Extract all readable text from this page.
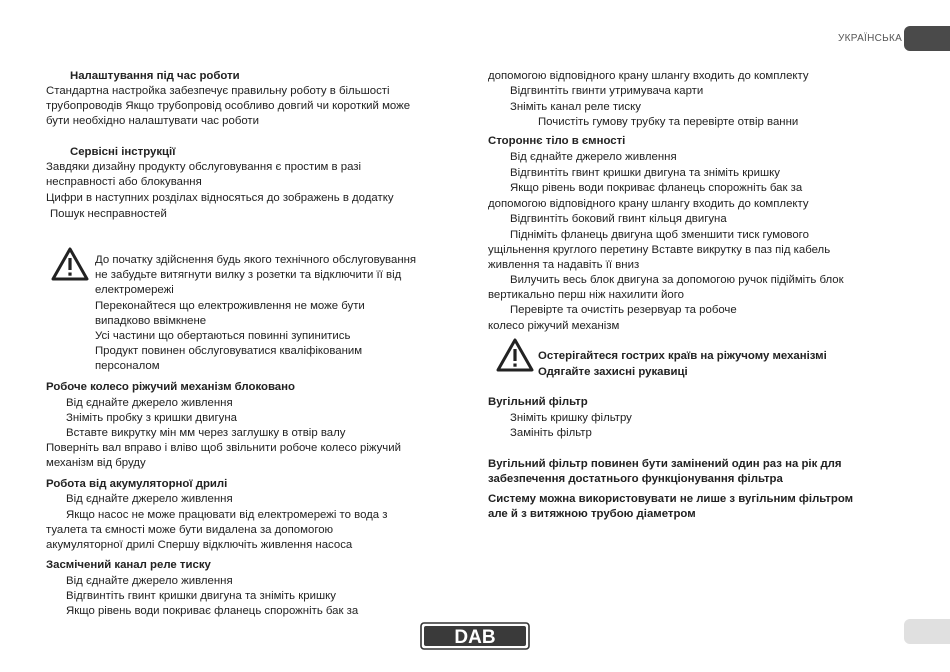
УКРАЇНСЬКА
Налаштування під час роботи
Стандартна настройка забезпечує правильну роботу в більшості
трубопроводів Якщо трубопровід особливо довгий чи короткий може
бути необхідно налаштувати час роботи
Сервісні інструкції
Завдяки дизайну продукту обслуговування є простим в разі
несправності або блокування
Цифри в наступних розділах відносяться до зображень в додатку
Пошук несправностей
До початку здійснення будь якого технічного обслуговування
не забудьте витягнути вилку з розетки та відключити її від
електромережі
Переконайтеся що електроживлення не може бути
випадково ввімкнене
Усі частини що обертаються повинні зупинитись
Продукт повинен обслуговуватися кваліфікованим
персоналом
Робоче колесо ріжучий механізм блоковано
Від єднайте джерело живлення
Зніміть пробку з кришки двигуна
Вставте викрутку мін мм через заглушку в отвір валу
Поверніть вал вправо і вліво щоб звільнити робоче колесо ріжучий
механізм від бруду
Робота від акумуляторної дрилі
Від єднайте джерело живлення
Якщо насос не може працювати від електромережі то вода з
туалета та ємності може бути видалена за допомогою
акумуляторної дрилі Спершу відключіть живлення насоса
Засмічений канал реле тиску
Від єднайте джерело живлення
Відгвинтіть гвинт кришки двигуна та зніміть кришку
Якщо рівень води покриває фланець спорожніть бак за
допомогою відповідного крану шлангу входить до комплекту
Відгвинтіть гвинти утримувача карти
Зніміть канал реле тиску
Почистіть гумову трубку та перевірте отвір ванни
Стороннє тіло в ємності
Від єднайте джерело живлення
Відгвинтіть гвинт кришки двигуна та зніміть кришку
Якщо рівень води покриває фланець спорожніть бак за
допомогою відповідного крану шлангу входить до комплекту
Відгвинтіть боковий гвинт кільця двигуна
Підніміть фланець двигуна щоб зменшити тиск гумового
ущільнення круглого перетину Вставте викрутку в паз під кабель
живлення та надавіть її вниз
Вилучить весь блок двигуна за допомогою ручок підійміть блок
вертикально перш ніж нахилити його
Перевірте та очистіть резервуар та робоче
колесо ріжучий механізм
Остерігайтеся гострих країв на ріжучому механізмі
Одягайте захисні рукавиці
Вугільний фільтр
Зніміть кришку фільтру
Замініть фільтр
Вугільний фільтр повинен бути замінений один раз на рік для
забезпечення достатнього функціонування фільтра
Систему можна використовувати не лише з вугільним фільтром
але й з витяжною трубою діаметром
DAB
